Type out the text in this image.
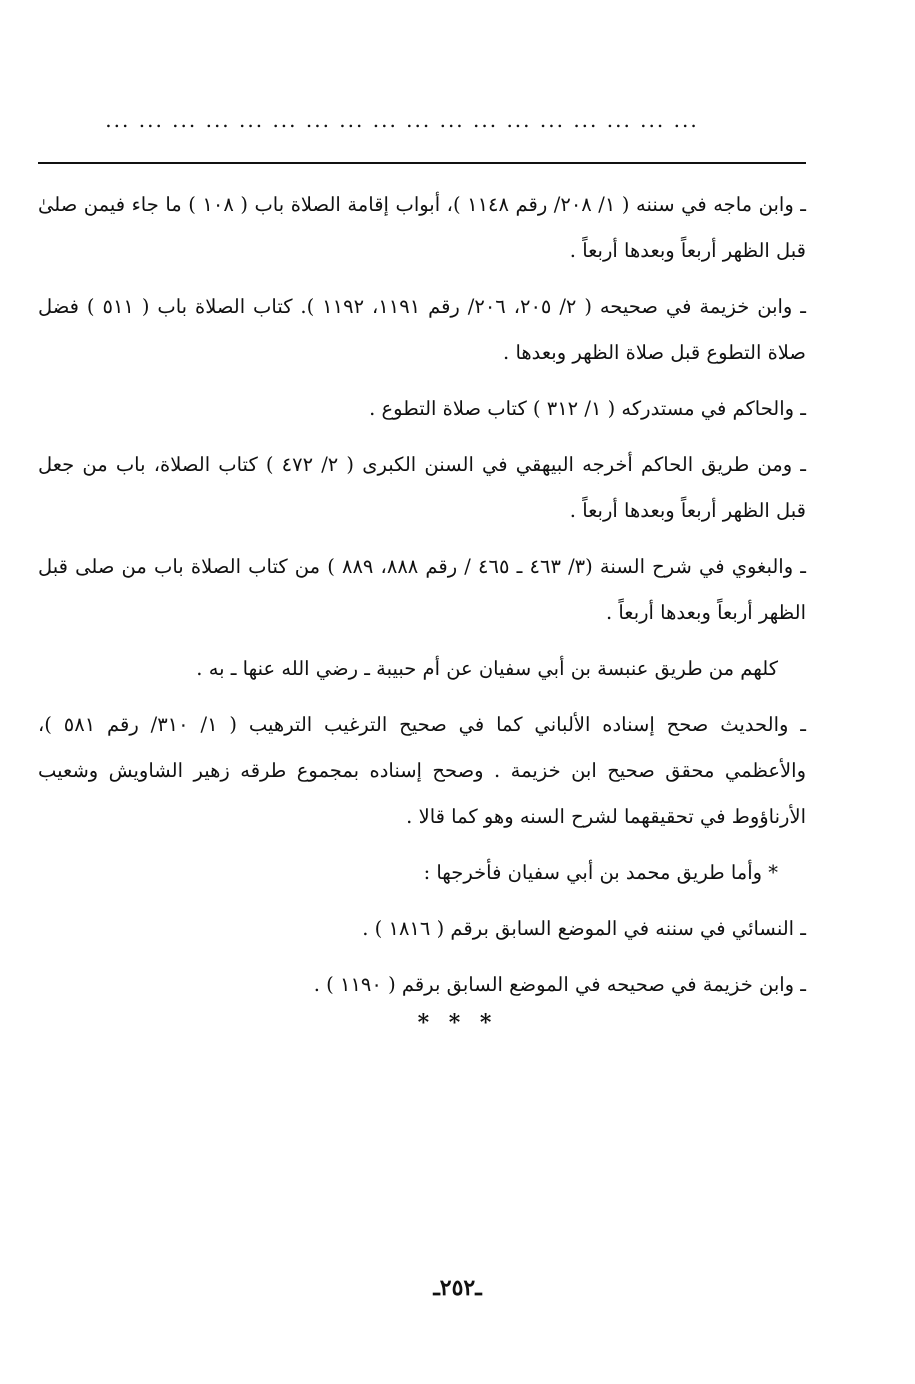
... ... ... ... ... ... ... ... ... ... ... ... ... ... ... ... ... ...

ـ وابن ماجه في سننه ( ١/ ٢٠٨/ رقم ١١٤٨ )، أبواب إقامة الصلاة باب ( ١٠٨ ) ما جاء فيمن صلىٰ قبل الظهر أربعاً وبعدها أربعاً .

ـ وابن خزيمة في صحيحه ( ٢/ ٢٠٥، ٢٠٦/ رقم ١١٩١، ١١٩٢ ). كتاب الصلاة باب ( ٥١١ ) فضل صلاة التطوع قبل صلاة الظهر وبعدها .

ـ والحاكم في مستدركه ( ١/ ٣١٢ ) كتاب صلاة التطوع .

ـ ومن طريق الحاكم أخرجه البيهقي في السنن الكبرى ( ٢/ ٤٧٢ ) كتاب الصلاة، باب من جعل قبل الظهر أربعاً وبعدها أربعاً .

ـ والبغوي في شرح السنة (٣/ ٤٦٣ ـ ٤٦٥ / رقم ٨٨٨، ٨٨٩ ) من كتاب الصلاة باب من صلى قبل الظهر أربعاً وبعدها أربعاً .

كلهم من طريق عنبسة بن أبي سفيان عن أم حبيبة ـ رضي الله عنها ـ به .

ـ والحديث صحح إسناده الألباني كما في صحيح الترغيب الترهيب ( ١/ ٣١٠/ رقم ٥٨١ )، والأعظمي محقق صحيح ابن خزيمة . وصحح إسناده بمجموع طرقه زهير الشاويش وشعيب الأرناؤوط في تحقيقهما لشرح السنه وهو كما قالا .

* وأما طريق محمد بن أبي سفيان فأخرجها :

ـ النسائي في سننه في الموضع السابق برقم ( ١٨١٦ ) .

ـ وابن خزيمة في صحيحه في الموضع السابق برقم ( ١١٩٠ ) .

* * *
ـ٢٥٢ـ
